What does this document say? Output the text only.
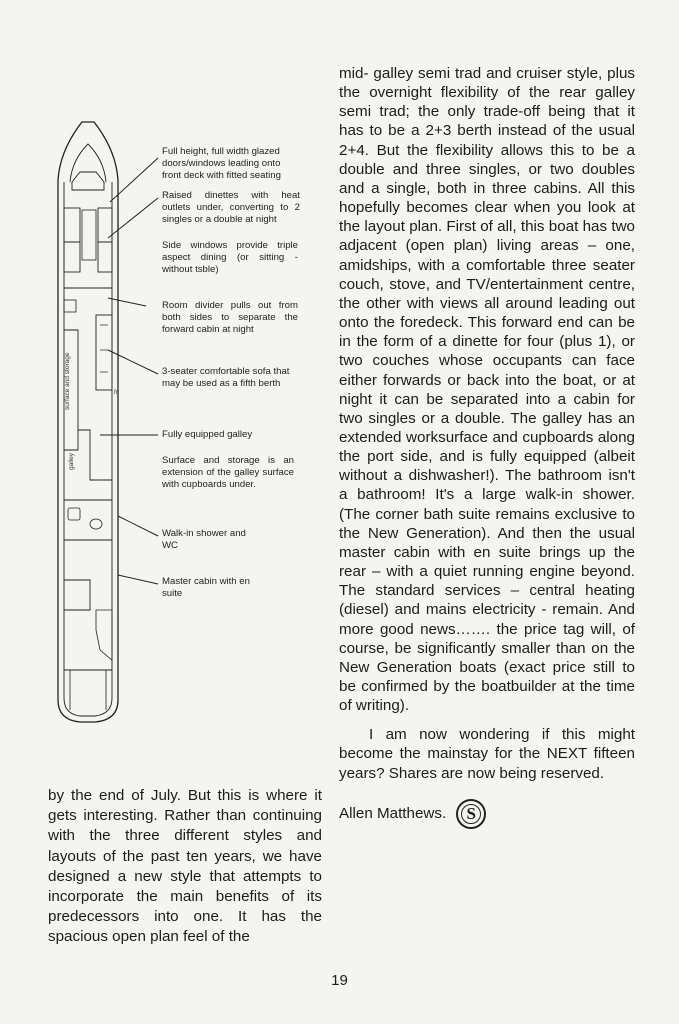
surface and storage
galley
fr
Full height, full width glazed doors/windows leading onto front deck with fitted seating
Raised dinettes with heat outlets under, converting to 2 singles or a double at night
Side windows provide triple aspect dining (or sitting - without tsble)
Room divider pulls out from both sides to separate the forward cabin at night
3-seater comfortable sofa that may be used as a fifth berth
Fully equipped galley
Surface and storage is an extension of the galley surface with cupboards under.
Walk-in shower and WC
Master cabin with en suite

by the end of July. But this is where it gets interesting. Rather than continuing with the three different styles and layouts of the past ten years, we have designed a new style that attempts to incorporate the main benefits of its predecessors into one. It has the spacious open plan feel of the

mid- galley semi trad and cruiser style, plus the overnight flexibility of the rear galley semi trad; the only trade-off being that it has to be a 2+3 berth instead of the usual 2+4. But the flexibility allows this to be a double and three singles, or two doubles and a single, both in three cabins. All this hopefully becomes clear when you look at the layout plan. First of all, this boat has two adjacent (open plan) living areas – one, amidships, with a comfortable three seater couch, stove, and TV/entertainment centre, the other with views all around leading out onto the foredeck. This forward end can be in the form of a dinette for four (plus 1), or two couches whose occupants can face either forwards or back into the boat, or at night it can be separated into a cabin for two singles or a double. The galley has an extended worksurface and cupboards along the port side, and is fully equipped (albeit without a dishwasher!). The bathroom isn't a bathroom! It's a large walk-in shower. (The corner bath suite remains exclusive to the New Generation). And then the usual master cabin with en suite brings up the rear – with a quiet running engine beyond. The standard services – central heating (diesel) and mains electricity - remain. And more good news……. the price tag will, of course, be significantly smaller than on the New Generation boats (exact price still to be confirmed by the boatbuilder at the time of writing).

I am now wondering if this might become the mainstay for the NEXT fifteen years? Shares are now being reserved.

Allen Matthews. S
19
